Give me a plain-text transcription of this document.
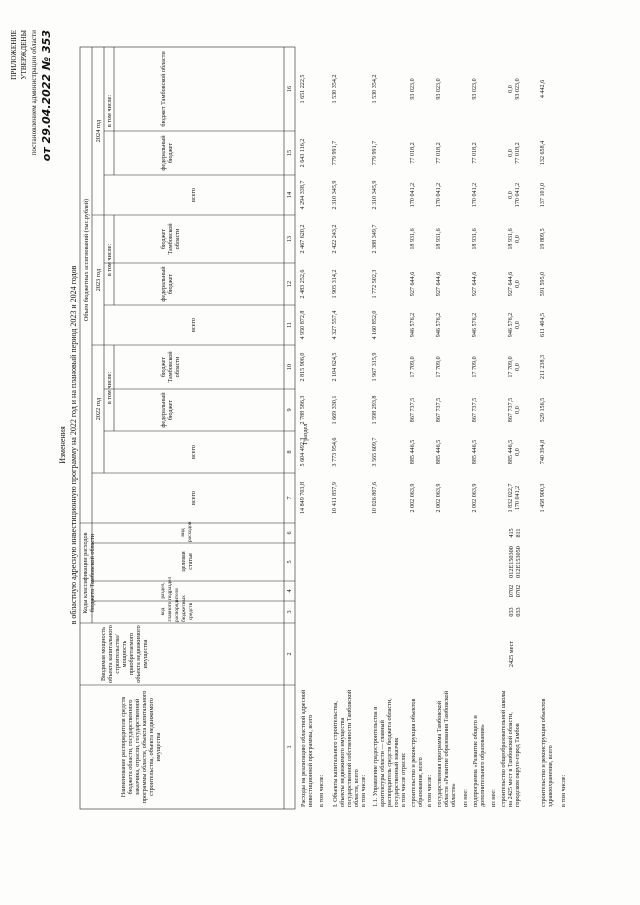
ПРИЛОЖЕНИЕ УТВЕРЖДЕНЫ постановлением администрации области от 29.04.2022 № 353
Изменения в областную адресную инвестиционную программу на 2022 год и на плановый период 2023 и 2024 годов
Наименование распорядителя средств бюджета области, государственного заказчика, отрасли, государственной программы области, объекта капитального строительства, объекта недвижимого имущества
Вводимая мощность объекта капитального строительства/мощность приобретаемого объекта недвижимого имущества
Коды классификации расходов бюджета Тамбовской области	код главного распорядителя бюджетных средств
раздел, подраздел
целевая статья
вид расходов
всего
Объем бюджетных ассигнований (тыс.рублей)
2022 год
2023 год
2024 год
в том числе:
в том числе:
в том числе:
всего
федеральный бюджет
бюджет Тамбовской области
всего
федеральный бюджет
бюджет Тамбовской области
всего
федеральный бюджет
бюджет Тамбовской области
1
2
3
4
5
6
7
8
9
10
11
12
13
14
15
16
I раздел
Расходы на реализацию областной адресной инвестиционной программы, всего
14 849 703,8
5 604 492,3
2 788 586,3
2 815 906,0
4 950 872,8
2 483 252,6
2 467 620,2
4 294 338,7
2 643 116,2
1 651 222,5
в том числе: I. Объекты капитального строительства, объекты недвижимого имущества государственной собственности Тамбовской области, всего
10 411 857,9
3 773 954,6
1 669 330,1
2 104 624,5
4 327 557,4
1 905 314,2
2 422 243,2
2 310 345,9
779 991,7
1 530 354,2
в том числе: 1.1. Управление градостроительства и архитектуры области — главный распорядитель средств бюджета области, государственный заказчик
10 026 807,6
3 565 609,7
1 598 293,8
1 967 315,9
4 160 852,0
1 772 502,3
2 388 349,7
2 310 345,9
779 991,7
1 530 354,2
в том числе отрасли: строительство и реконструкция объектов образования, всего
2 002 063,9
885 446,5
867 737,5
17 709,0
946 576,2
927 644,6
18 931,6
170 041,2
77 018,2
93 023,0
в том числе: государственная программа Тамбовской области «Развитие образования Тамбовской области»
2 002 063,9
885 446,5
867 737,5
17 709,0
946 576,2
927 644,6
18 931,6
170 041,2
77 018,2
93 023,0
из нее: подпрограмма «Развитие общего и дополнительного образования»
2 002 063,9
885 446,5
867 737,5
17 709,0
946 576,2
927 644,6
18 931,6
170 041,2
77 018,2
93 023,0
из нее: строительство общеобразовательной школы на 2425 мест в Тамбовской области, городском округе-город Тамбов
2425 мест
033
033
0702
0702
012E150300
012E153050
415
811
1 832 022,7
170 041,2
885 446,5
0,0
867 737,5
0,0
17 709,0
0,0
946 576,2
0,0
927 644,6
0,0
18 931,6
0,0
0,0
170 041,2
0,0
77 018,2
0,0
93 023,0
строительство и реконструкция объектов здравоохранения, всего
1 458 900,3
740 394,8
529 156,5
211 238,3
611 404,5
591 595,0
19 809,5
137 101,0
132 658,4
4 442,6
в том числе:
